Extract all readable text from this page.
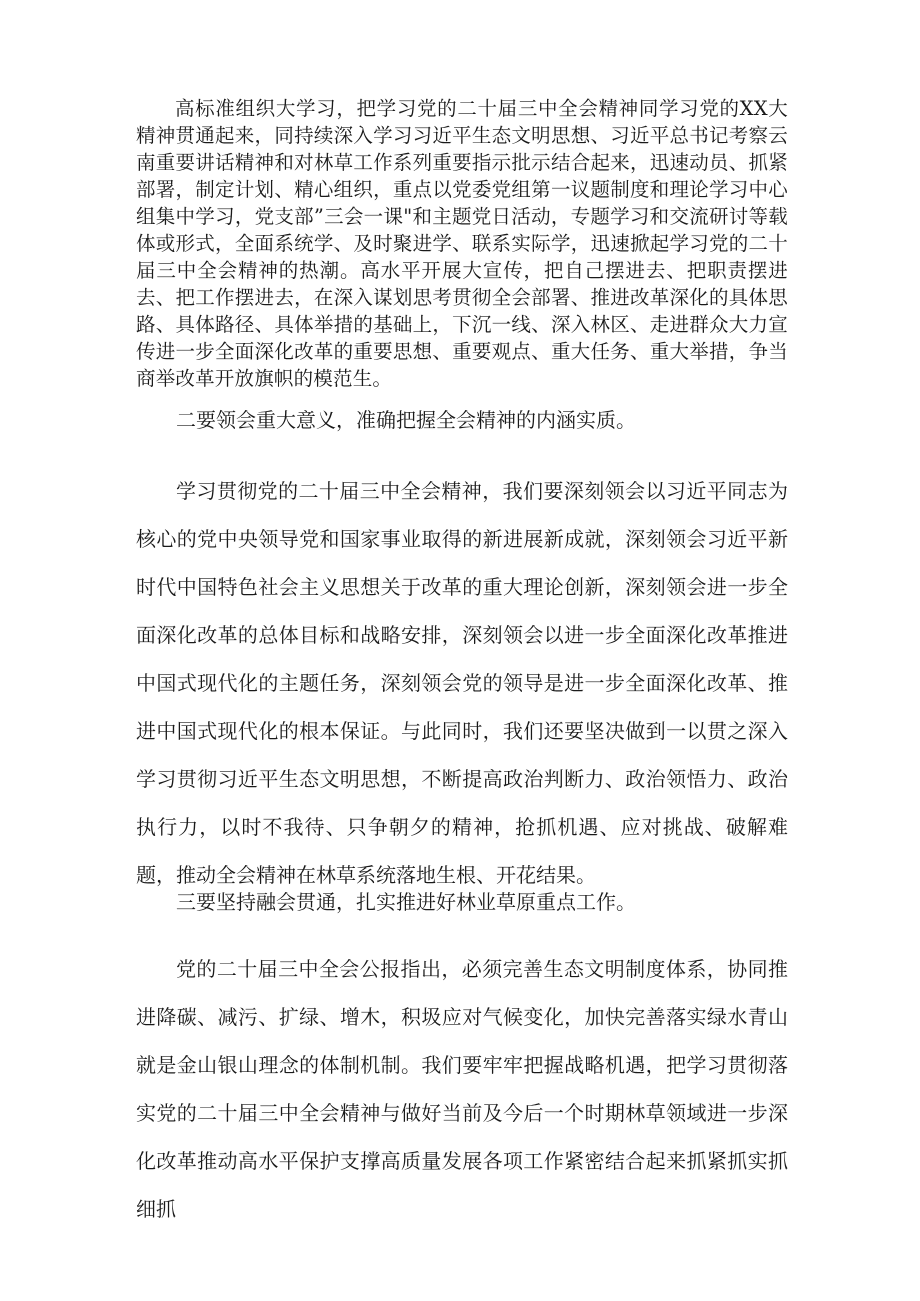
高标准组织大学习，把学习党的二十届三中全会精神同学习党的XX大精神贯通起来，同持续深入学习习近平生态文明思想、习近平总书记考察云南重要讲话精神和对林草工作系列重要指示批示结合起来，迅速动员、抓紧部署，制定计划、精心组织，重点以党委党组第一议题制度和理论学习中心组集中学习，党支部”三会一课"和主题党日活动，专题学习和交流研讨等载体或形式，全面系统学、及时聚进学、联系实际学，迅速掀起学习党的二十届三中全会精神的热潮。高水平开展大宣传，把自己摆进去、把职责摆进去、把工作摆进去，在深入谋划思考贯彻全会部署、推进改革深化的具体思路、具体路径、具体举措的基础上，下沉一线、深入林区、走进群众大力宣传进一步全面深化改革的重要思想、重要观点、重大任务、重大举措，争当商举改革开放旗帜的模范生。

二要领会重大意义，准确把握全会精神的内涵实质。

学习贯彻党的二十届三中全会精神，我们要深刻领会以习近平同志为核心的党中央领导党和国家事业取得的新进展新成就，深刻领会习近平新时代中国特色社会主义思想关于改革的重大理论创新，深刻领会进一步全面深化改革的总体目标和战略安排，深刻领会以进一步全面深化改革推进中国式现代化的主题任务，深刻领会党的领导是进一步全面深化改革、推进中国式现代化的根本保证。与此同时，我们还要坚决做到一以贯之深入学习贯彻习近平生态文明思想，不断提高政治判断力、政治领悟力、政治执行力，以时不我待、只争朝夕的精神，抢抓机遇、应对挑战、破解难题，推动全会精神在林草系统落地生根、开花结果。

三要坚持融会贯通，扎实推进好林业草原重点工作。

党的二十届三中全会公报指出，必须完善生态文明制度体系，协同推进降碳、减污、扩绿、增木，积圾应对气候变化，加快完善落实绿水青山就是金山银山理念的体制机制。我们要牢牢把握战略机遇，把学习贯彻落实党的二十届三中全会精神与做好当前及今后一个时期林草领域进一步深化改革推动高水平保护支撑高质量发展各项工作紧密结合起来抓紧抓实抓细抓
